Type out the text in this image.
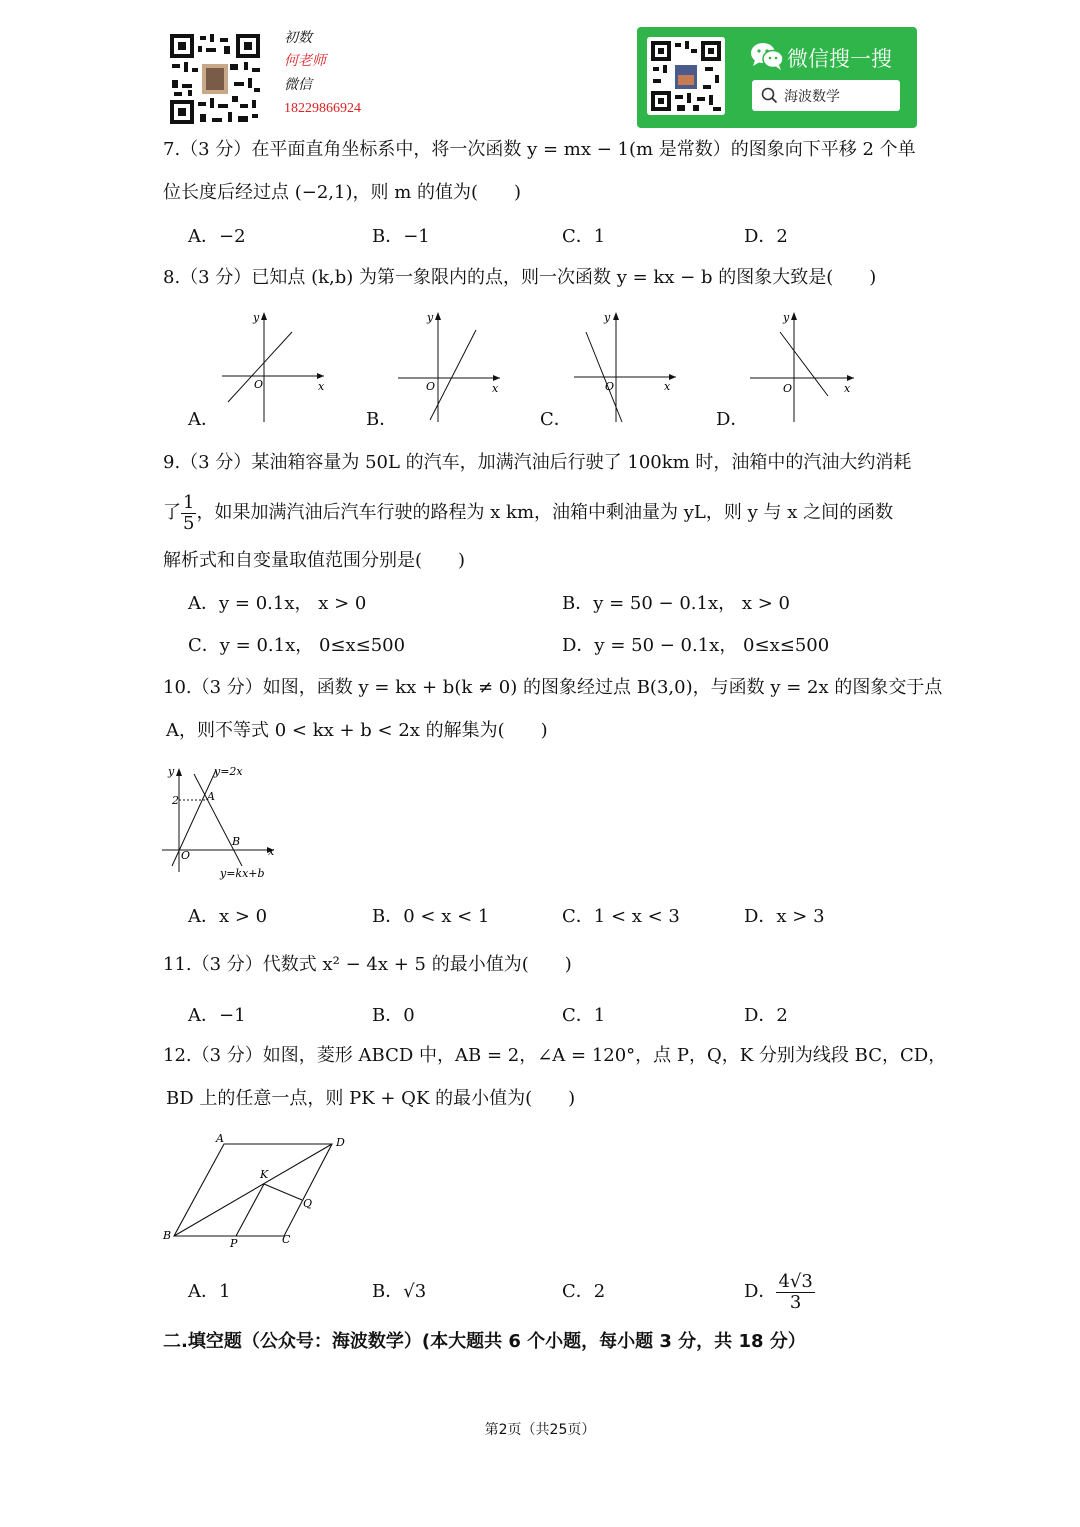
初数
何老师
微信
18229866924
微信搜一搜
海波数学
7.（3 分）在平面直角坐标系中，将一次函数 y = mx − 1(m 是常数）的图象向下平移 2 个单
位长度后经过点 (−2,1)，则 m 的值为(　　)
A．−2	B．−1	C．1	D．2
8.（3 分）已知点 (k,b) 为第一象限内的点，则一次函数 y = kx − b 的图象大致是(　　)
y
x
O
y
x
O
y
x
O
y
x
O
A．	B．	C．	D．
9.（3 分）某油箱容量为 50L 的汽车，加满汽油后行驶了 100km 时，油箱中的汽油大约消耗
了 $\frac{1}{5}$ ，如果加满汽油后汽车行驶的路程为 x km，油箱中剩油量为 yL，则 y 与 x 之间的函数
解析式和自变量取值范围分别是(　　)
A．y = 0.1x， x > 0	B．y = 50 − 0.1x， x > 0
C．y = 0.1x， 0≤x≤500	D．y = 50 − 0.1x， 0≤x≤500
10.（3 分）如图，函数 y = kx + b(k ≠ 0) 的图象经过点 B(3,0)，与函数 y = 2x 的图象交于点
A，则不等式 0 < kx + b < 2x 的解集为(　　)
y	y=2x
2	A
B
x
O
y=kx+b
A．x > 0	B．0 < x < 1	C．1 < x < 3	D．x > 3
11.（3 分）代数式 x² − 4x + 5 的最小值为(　　)
A．−1	B．0	C．1	D．2
12.（3 分）如图，菱形 ABCD 中，AB = 2，∠A = 120°，点 P，Q，K 分别为线段 BC，CD，
BD 上的任意一点，则 PK + QK 的最小值为(　　)
A	D
K
Q
B
P	C
A．1	B．√3	C．2	D． $\frac{4√3}{3}$
二.填空题（公众号：海波数学）(本大题共 6 个小题，每小题 3 分，共 18 分）
第2页（共25页）
